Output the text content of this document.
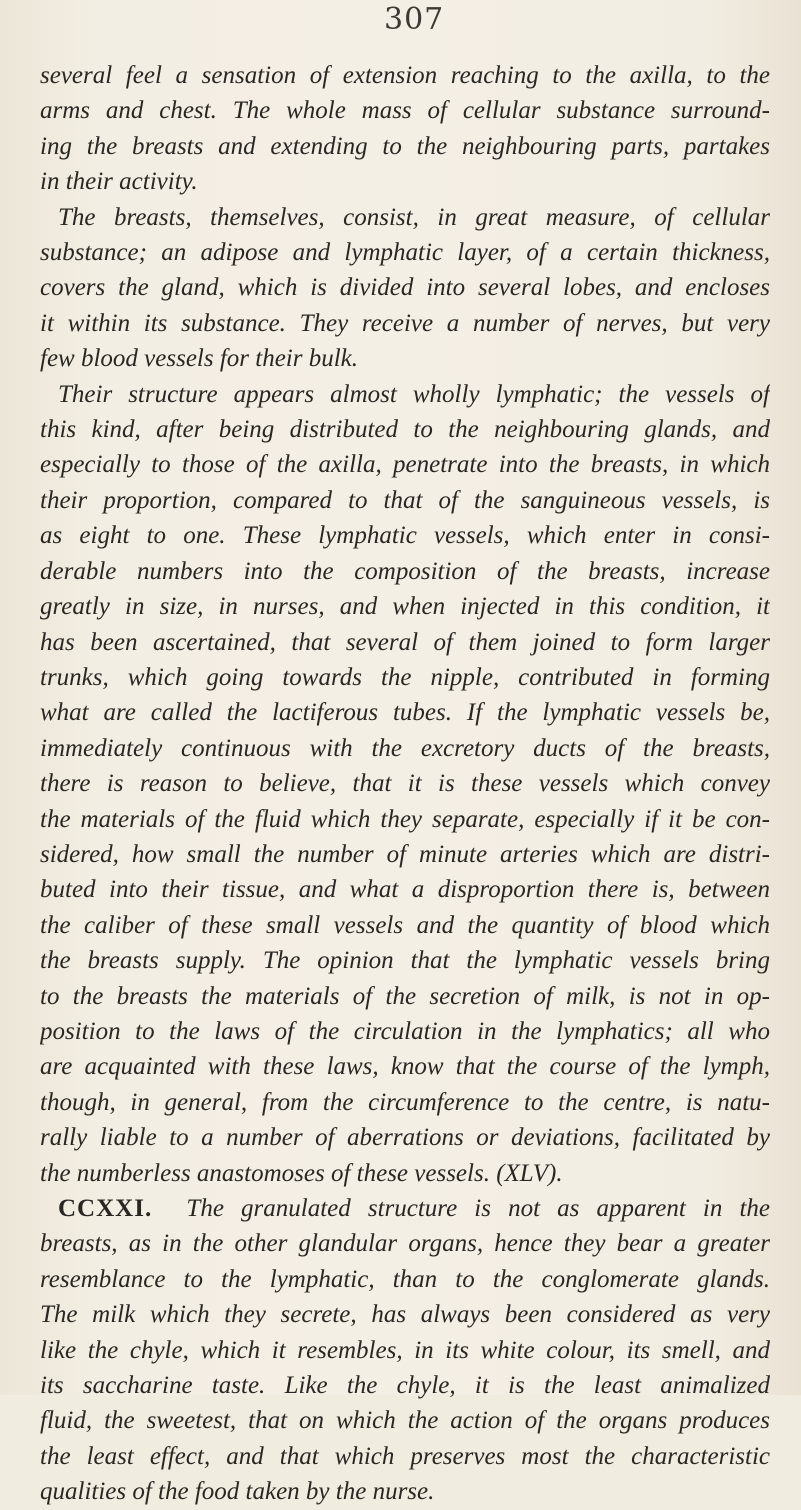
307
several feel a sensation of extension reaching to the axilla, to the
arms and chest. The whole mass of cellular substance surround-
ing the breasts and extending to the neighbouring parts, partakes
in their activity.
The breasts, themselves, consist, in great measure, of cellular
substance; an adipose and lymphatic layer, of a certain thickness,
covers the gland, which is divided into several lobes, and encloses
it within its substance. They receive a number of nerves, but very
few blood vessels for their bulk.
Their structure appears almost wholly lymphatic; the vessels of
this kind, after being distributed to the neighbouring glands, and
especially to those of the axilla, penetrate into the breasts, in which
their proportion, compared to that of the sanguineous vessels, is
as eight to one. These lymphatic vessels, which enter in consi-
derable numbers into the composition of the breasts, increase
greatly in size, in nurses, and when injected in this condition, it
has been ascertained, that several of them joined to form larger
trunks, which going towards the nipple, contributed in forming
what are called the lactiferous tubes. If the lymphatic vessels be,
immediately continuous with the excretory ducts of the breasts,
there is reason to believe, that it is these vessels which convey
the materials of the fluid which they separate, especially if it be con-
sidered, how small the number of minute arteries which are distri-
buted into their tissue, and what a disproportion there is, between
the caliber of these small vessels and the quantity of blood which
the breasts supply. The opinion that the lymphatic vessels bring
to the breasts the materials of the secretion of milk, is not in op-
position to the laws of the circulation in the lymphatics; all who
are acquainted with these laws, know that the course of the lymph,
though, in general, from the circumference to the centre, is natu-
rally liable to a number of aberrations or deviations, facilitated by
the numberless anastomoses of these vessels. (XLV).
CCXXI. The granulated structure is not as apparent in the
breasts, as in the other glandular organs, hence they bear a greater
resemblance to the lymphatic, than to the conglomerate glands.
The milk which they secrete, has always been considered as very
like the chyle, which it resembles, in its white colour, its smell, and
its saccharine taste. Like the chyle, it is the least animalized
fluid, the sweetest, that on which the action of the organs produces
the least effect, and that which preserves most the characteristic
qualities of the food taken by the nurse.
